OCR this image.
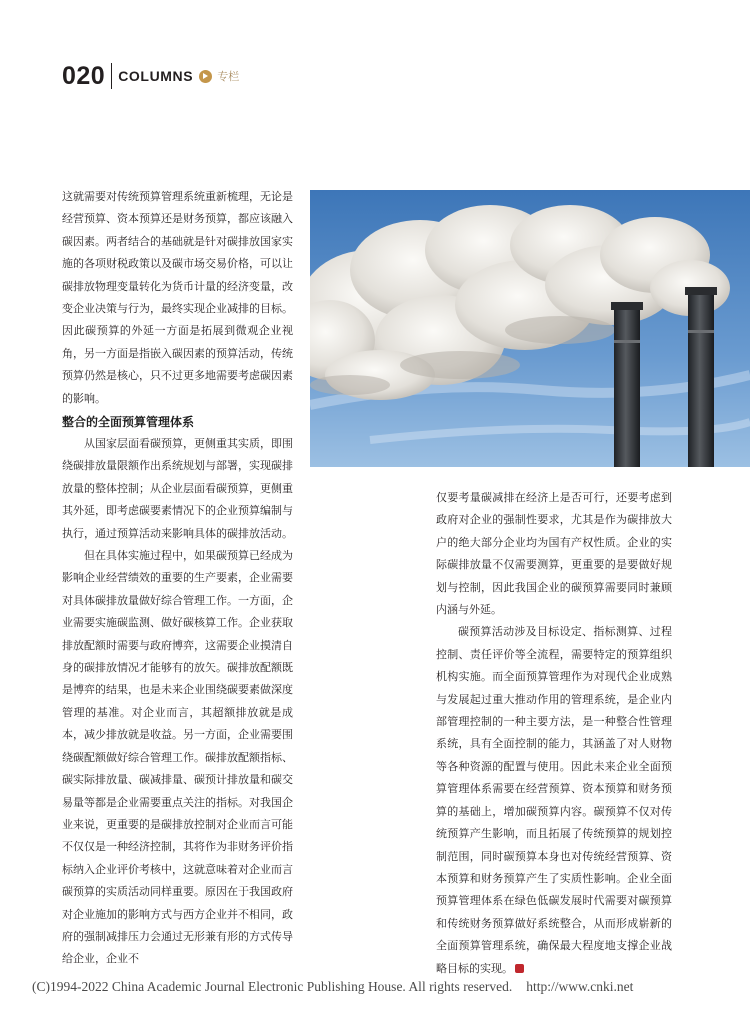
020 COLUMNS 专栏

这就需要对传统预算管理系统重新梳理，无论是经营预算、资本预算还是财务预算，都应该融入碳因素。两者结合的基础就是针对碳排放国家实施的各项财税政策以及碳市场交易价格，可以让碳排放物理变量转化为货币计量的经济变量，改变企业决策与行为，最终实现企业减排的目标。因此碳预算的外延一方面是拓展到微观企业视角，另一方面是指嵌入碳因素的预算活动，传统预算仍然是核心，只不过更多地需要考虑碳因素的影响。

整合的全面预算管理体系

从国家层面看碳预算，更侧重其实质，即围绕碳排放量限额作出系统规划与部署，实现碳排放量的整体控制；从企业层面看碳预算，更侧重其外延，即考虑碳要素情况下的企业预算编制与执行，通过预算活动来影响具体的碳排放活动。

但在具体实施过程中，如果碳预算已经成为影响企业经营绩效的重要的生产要素，企业需要对具体碳排放量做好综合管理工作。一方面，企业需要实施碳监测、做好碳核算工作。企业获取排放配额时需要与政府博弈，这需要企业摸清自身的碳排放情况才能够有的放矢。碳排放配额既是博弈的结果，也是未来企业围绕碳要素做深度管理的基准。对企业而言，其超额排放就是成本，减少排放就是收益。另一方面，企业需要围绕碳配额做好综合管理工作。碳排放配额指标、碳实际排放量、碳减排量、碳预计排放量和碳交易量等都是企业需要重点关注的指标。对我国企业来说，更重要的是碳排放控制对企业而言可能不仅仅是一种经济控制，其将作为非财务评价指标纳入企业评价考核中，这就意味着对企业而言碳预算的实质活动同样重要。原因在于我国政府对企业施加的影响方式与西方企业并不相同，政府的强制减排压力会通过无形兼有形的方式传导给企业，企业不

仅要考量碳减排在经济上是否可行，还要考虑到政府对企业的强制性要求，尤其是作为碳排放大户的绝大部分企业均为国有产权性质。企业的实际碳排放量不仅需要测算，更重要的是要做好规划与控制，因此我国企业的碳预算需要同时兼顾内涵与外延。

碳预算活动涉及目标设定、指标测算、过程控制、责任评价等全流程，需要特定的预算组织机构实施。而全面预算管理作为对现代企业成熟与发展起过重大推动作用的管理系统，是企业内部管理控制的一种主要方法，是一种整合性管理系统，具有全面控制的能力，其涵盖了对人财物等各种资源的配置与使用。因此未来企业全面预算管理体系需要在经营预算、资本预算和财务预算的基础上，增加碳预算内容。碳预算不仅对传统预算产生影响，而且拓展了传统预算的规划控制范围，同时碳预算本身也对传统经营预算、资本预算和财务预算产生了实质性影响。企业全面预算管理体系在绿色低碳发展时代需要对碳预算和传统财务预算做好系统整合，从而形成崭新的全面预算管理系统，确保最大程度地支撑企业战略目标的实现。

(C)1994-2022 China Academic Journal Electronic Publishing House. All rights reserved. http://www.cnki.net
